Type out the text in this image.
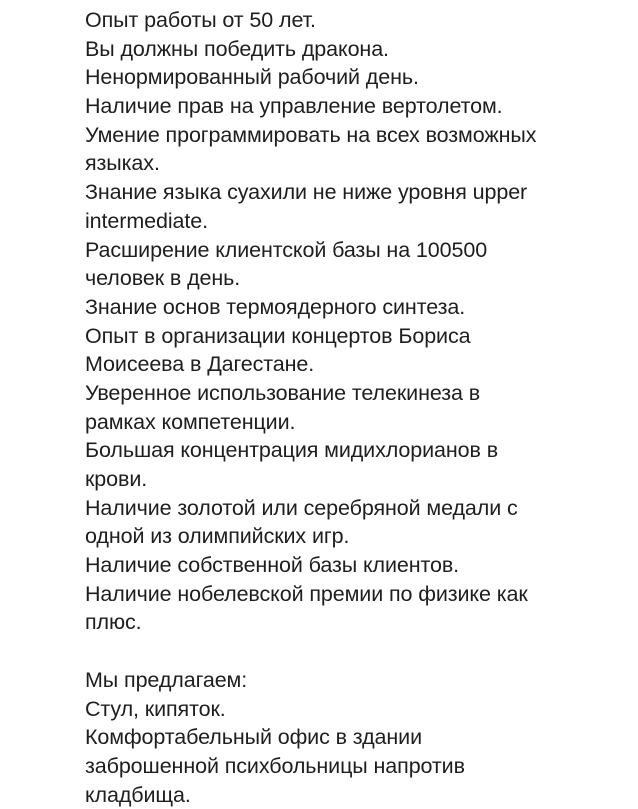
Опыт работы от 50 лет.
Вы должны победить дракона.
Ненормированный рабочий день.
Наличие прав на управление вертолетом.
Умение программировать на всех возможных
языках.
Знание языка суахили не ниже уровня upper
intermediate.
Расширение клиентской базы на 100500
человек в день.
Знание основ термоядерного синтеза.
Опыт в организации концертов Бориса
Моисеева в Дагестане.
Уверенное использование телекинеза в
рамках компетенции.
Большая концентрация мидихлорианов в
крови.
Наличие золотой или серебряной медали с
одной из олимпийских игр.
Наличие собственной базы клиентов.
Наличие нобелевской премии по физике как
плюс.
Мы предлагаем:
Стул, кипяток.
Комфортабельный офис в здании
заброшенной психбольницы напротив
кладбища.
